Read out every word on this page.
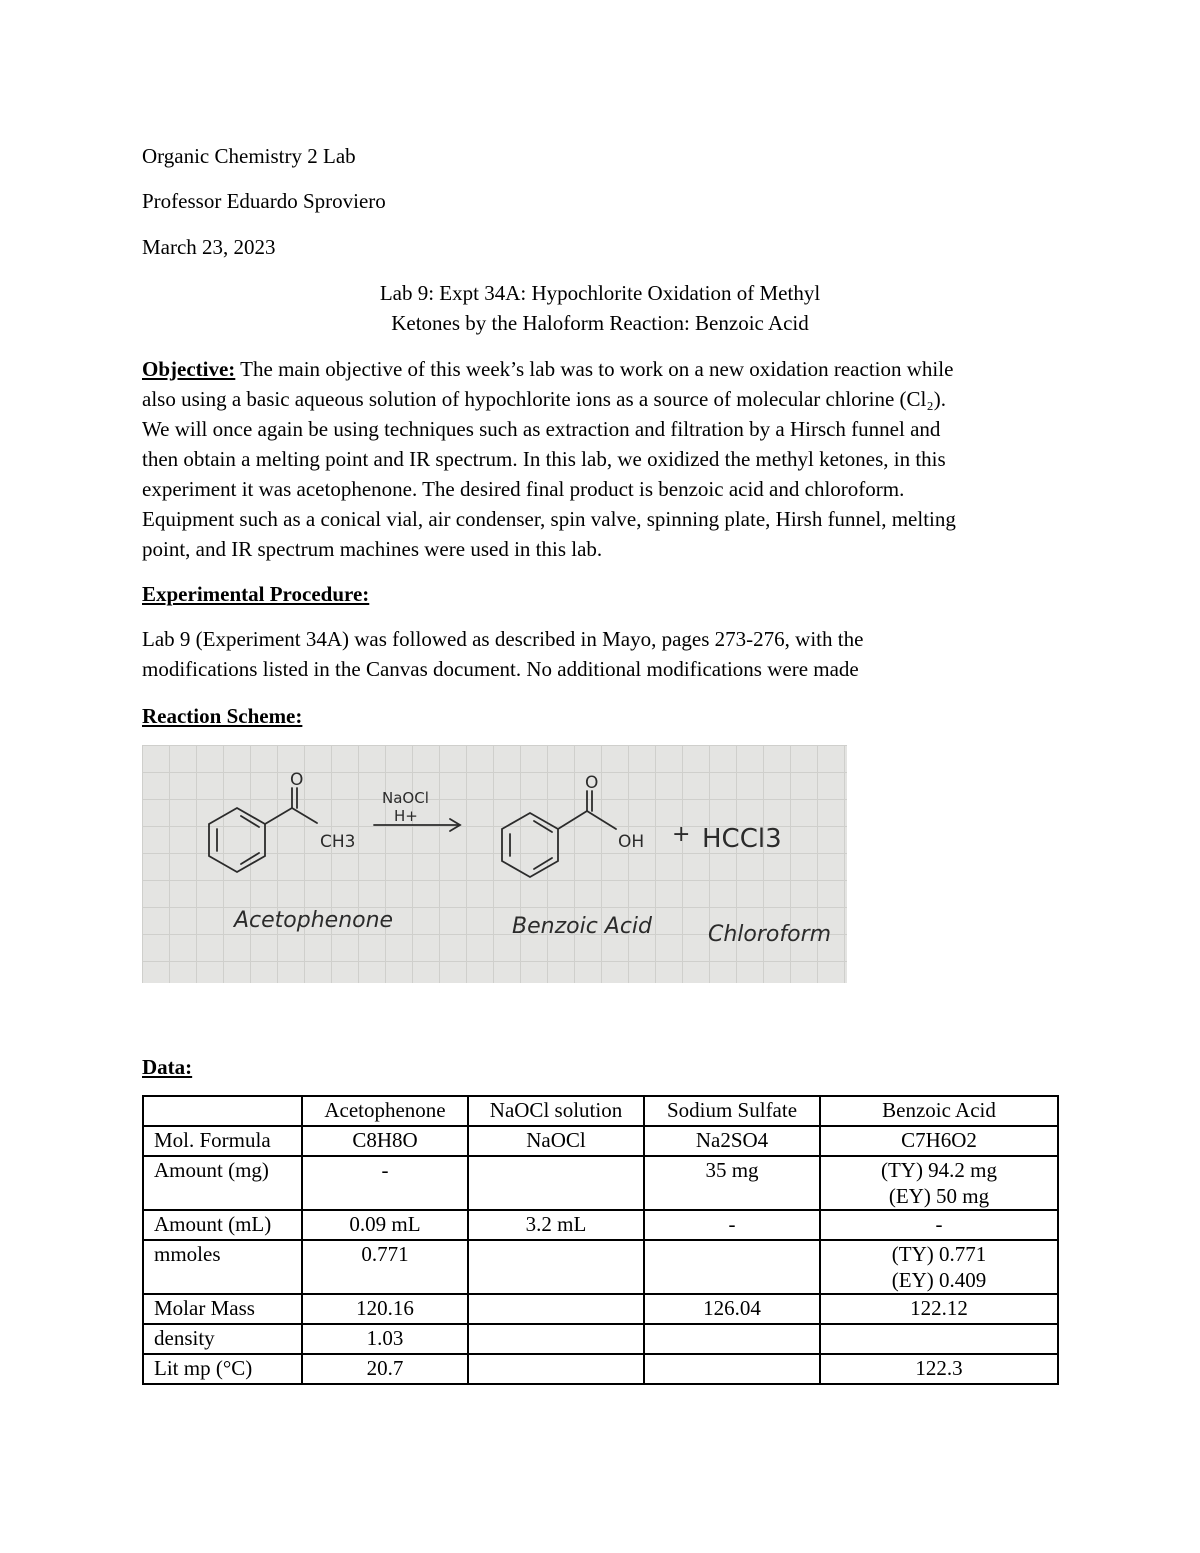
Organic Chemistry 2 Lab
Professor Eduardo Sproviero
March 23, 2023
Lab 9: Expt 34A: Hypochlorite Oxidation of Methyl
Ketones by the Haloform Reaction: Benzoic Acid
Objective: The main objective of this week’s lab was to work on a new oxidation reaction while
also using a basic aqueous solution of hypochlorite ions as a source of molecular chlorine (Cl₂).
We will once again be using techniques such as extraction and filtration by a Hirsch funnel and
then obtain a melting point and IR spectrum. In this lab, we oxidized the methyl ketones, in this
experiment it was acetophenone. The desired final product is benzoic acid and chloroform.
Equipment such as a conical vial, air condenser, spin valve, spinning plate, Hirsh funnel, melting
point, and IR spectrum machines were used in this lab.
Experimental Procedure:
Lab 9 (Experiment 34A) was followed as described in Mayo, pages 273-276, with the
modifications listed in the Canvas document. No additional modifications were made
Reaction Scheme:
O
CH3
NaOCl
H+
O
OH + HCCl3
Acetophenone	Benzoic Acid	Chloroform
Data:
	Acetophenone	NaOCl solution	Sodium Sulfate	Benzoic Acid
Mol. Formula	C8H8O	NaOCl	Na2SO4	C7H6O2
Amount (mg)	-		35 mg	(TY) 94.2 mg
(EY) 50 mg
Amount (mL)	0.09 mL	3.2 mL	-	-
mmoles	0.771			(TY) 0.771
(EY) 0.409
Molar Mass	120.16		126.04	122.12
density	1.03			
Lit mp (°C)	20.7			122.3
